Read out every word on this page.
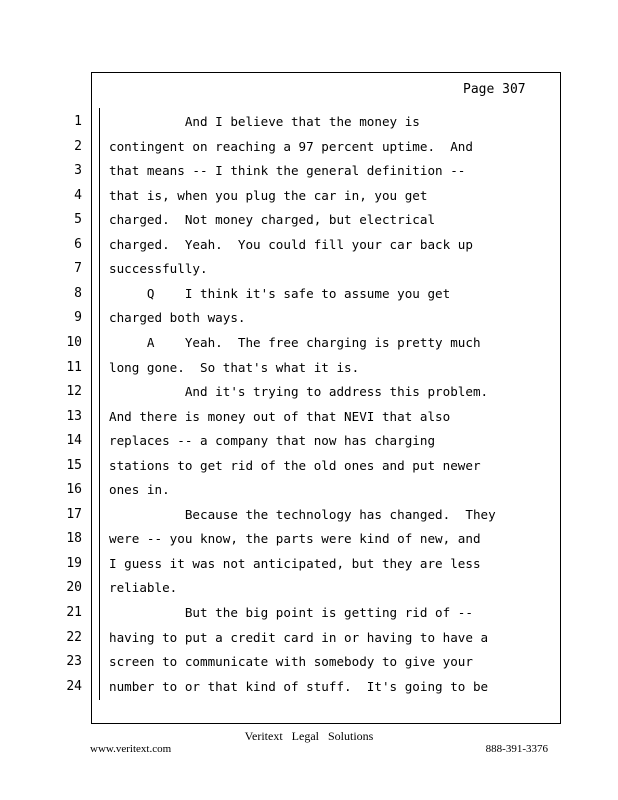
Page 307
1 And I believe that the money is
2 contingent on reaching a 97 percent uptime.  And
3 that means -- I think the general definition --
4 that is, when you plug the car in, you get
5 charged.  Not money charged, but electrical
6 charged.  Yeah.  You could fill your car back up
7 successfully.
8 Q    I think it's safe to assume you get
9 charged both ways.
10 A    Yeah.  The free charging is pretty much
11 long gone.  So that's what it is.
12 And it's trying to address this problem.
13 And there is money out of that NEVI that also
14 replaces -- a company that now has charging
15 stations to get rid of the old ones and put newer
16 ones in.
17 Because the technology has changed.  They
18 were -- you know, the parts were kind of new, and
19 I guess it was not anticipated, but they are less
20 reliable.
21 But the big point is getting rid of --
22 having to put a credit card in or having to have a
23 screen to communicate with somebody to give your
24 number to or that kind of stuff.  It's going to be
Veritext Legal Solutions
www.veritext.com	888-391-3376
